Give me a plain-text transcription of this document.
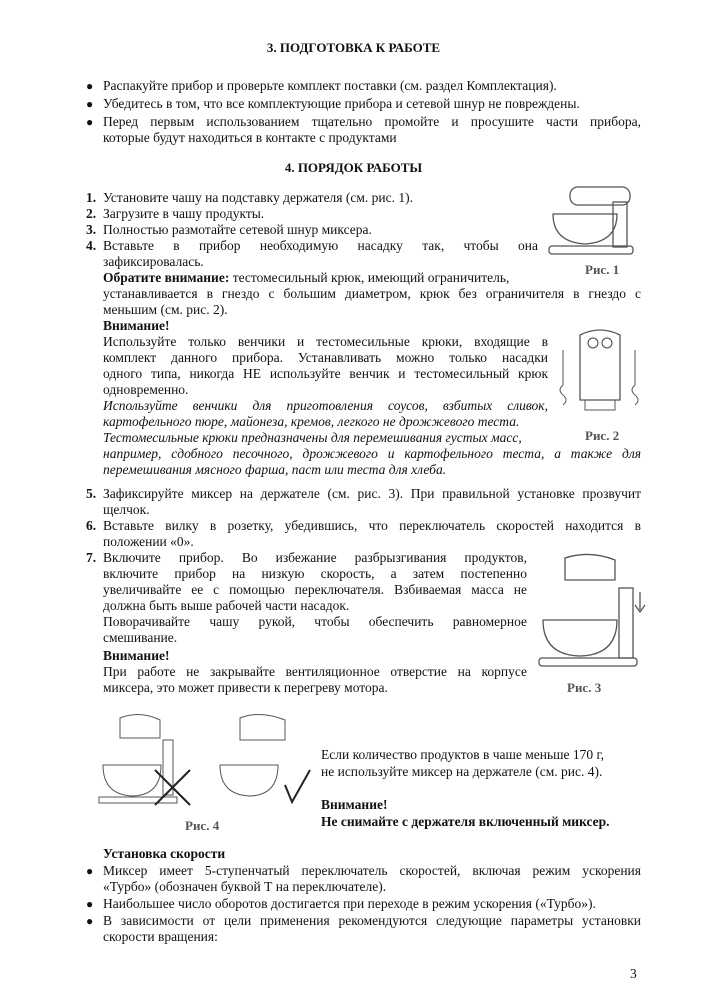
3. ПОДГОТОВКА К РАБОТЕ
● Распакуйте прибор и проверьте комплект поставки (см. раздел Комплектация).
● Убедитесь в том, что все комплектующие прибора и сетевой шнур не повреждены.
● Перед первым использованием тщательно промойте и просушите части прибора,
которые будут находиться в контакте с продуктами
4. ПОРЯДОК РАБОТЫ
1. Установите чашу на подставку держателя (см. рис. 1).
2. Загрузите в чашу продукты.
3. Полностью размотайте сетевой шнур миксера.
4. Вставьте в прибор необходимую насадку так, чтобы она
зафиксировалась.
Обратите внимание: тестомесильный крюк, имеющий ограничитель,
устанавливается в гнездо с большим диаметром, крюк без ограничителя в гнездо с
меньшим (см. рис. 2).
Внимание!
Используйте только венчики и тестомесильные крюки, входящие в
комплект данного прибора. Устанавливать можно только насадки
одного типа, никогда НЕ используйте венчик и тестомесильный крюк
одновременно.
Используйте венчики для приготовления соусов, взбитых сливок,
картофельного пюре, майонеза, кремов, легкого не дрожжевого теста.
Тестомесильные крюки предназначены для перемешивания густых масс,
например, сдобного песочного, дрожжевого и картофельного теста, а также для
перемешивания мясного фарша, паст или теста для хлеба.
5. Зафиксируйте миксер на держателе (см. рис. 3). При правильной установке прозвучит
щелчок.
6. Вставьте вилку в розетку, убедившись, что переключатель скоростей находится в
положении «0».
7. Включите прибор. Во избежание разбрызгивания продуктов,
включите прибор на низкую скорость, а затем постепенно
увеличивайте ее с помощью переключателя. Взбиваемая масса не
должна быть выше рабочей части насадок.
Поворачивайте чашу рукой, чтобы обеспечить равномерное
смешивание.
Внимание!
При работе не закрывайте вентиляционное отверстие на корпусе
миксера, это может привести к перегреву мотора.
Рис. 1
Рис. 2
Рис. 3
Рис. 4
Если количество продуктов в чаше меньше 170 г,
не используйте миксер на держателе (см. рис. 4).
Внимание!
Не снимайте с держателя включенный миксер.
Установка скорости
● Миксер имеет 5-ступенчатый переключатель скоростей, включая режим ускорения
«Турбо» (обозначен буквой Т на переключателе).
● Наибольшее число оборотов достигается при переходе в режим ускорения («Турбо»).
● В зависимости от цели применения рекомендуются следующие параметры установки
скорости вращения:
3
